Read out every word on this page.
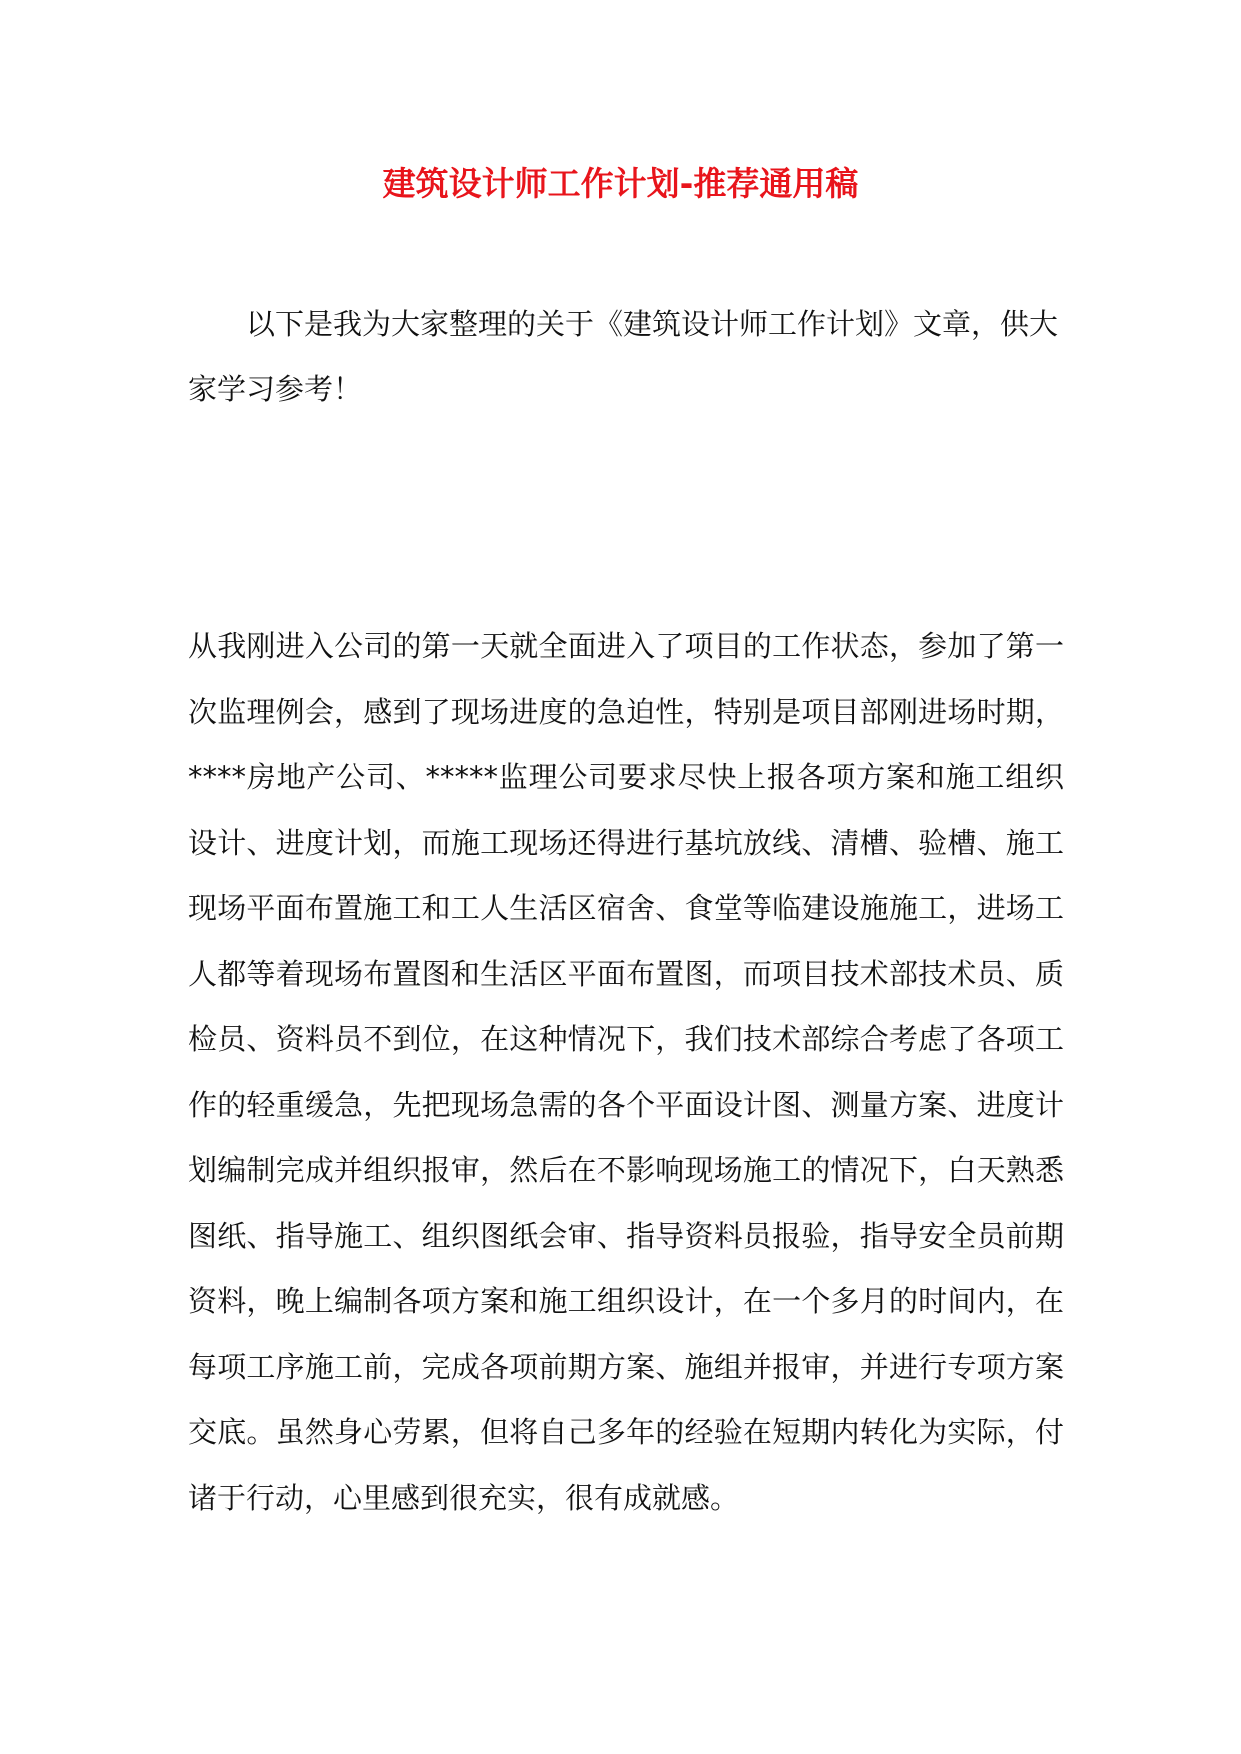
建筑设计师工作计划-推荐通用稿

以下是我为大家整理的关于《建筑设计师工作计划》文章，供大家学习参考！

从我刚进入公司的第一天就全面进入了项目的工作状态，参加了第一次监理例会，感到了现场进度的急迫性，特别是项目部刚进场时期，****房地产公司、*****监理公司要求尽快上报各项方案和施工组织设计、进度计划，而施工现场还得进行基坑放线、清槽、验槽、施工现场平面布置施工和工人生活区宿舍、食堂等临建设施施工，进场工人都等着现场布置图和生活区平面布置图，而项目技术部技术员、质检员、资料员不到位，在这种情况下，我们技术部综合考虑了各项工作的轻重缓急，先把现场急需的各个平面设计图、测量方案、进度计划编制完成并组织报审，然后在不影响现场施工的情况下，白天熟悉图纸、指导施工、组织图纸会审、指导资料员报验，指导安全员前期资料，晚上编制各项方案和施工组织设计，在一个多月的时间内，在每项工序施工前，完成各项前期方案、施组并报审，并进行专项方案交底。虽然身心劳累，但将自己多年的经验在短期内转化为实际，付诸于行动，心里感到很充实，很有成就感。
